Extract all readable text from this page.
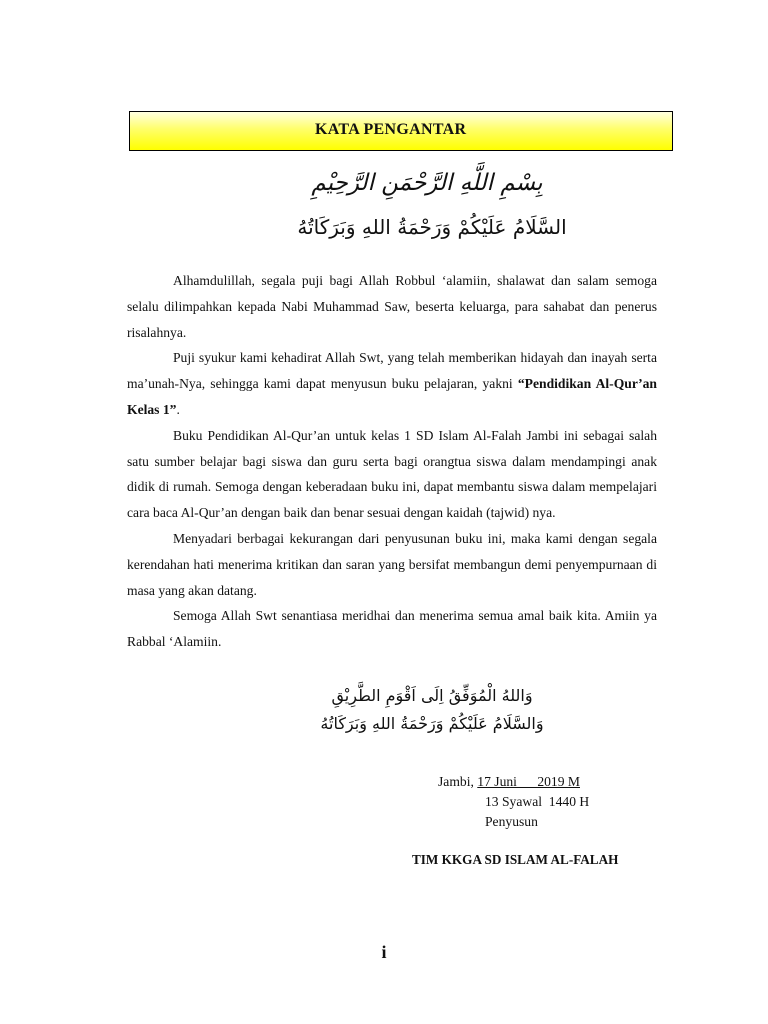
KATA PENGANTAR
بِسْمِ اللَّهِ الرَّحْمَنِ الرَّحِيْمِ
السَّلَامُ عَلَيْكُمْ وَرَحْمَةُ اللهِ وَبَرَكَاتُهُ

Alhamdulillah, segala puji bagi Allah Robbul ‘alamiin, shalawat dan salam semoga selalu dilimpahkan kepada Nabi Muhammad Saw, beserta keluarga, para sahabat dan penerus risalahnya.

Puji syukur kami kehadirat Allah Swt, yang telah memberikan hidayah dan inayah serta ma’unah-Nya, sehingga kami dapat menyusun buku pelajaran, yakni “Pendidikan Al-Qur’an Kelas 1”.

Buku Pendidikan Al-Qur’an untuk kelas 1 SD Islam Al-Falah Jambi ini sebagai salah satu sumber belajar bagi siswa dan guru serta bagi orangtua siswa dalam mendampingi anak didik di rumah. Semoga dengan keberadaan buku ini, dapat membantu siswa dalam mempelajari cara baca Al-Qur’an dengan baik dan benar sesuai dengan kaidah (tajwid) nya.

Menyadari berbagai kekurangan dari penyusunan buku ini, maka kami dengan segala kerendahan hati menerima kritikan dan saran yang bersifat membangun demi penyempurnaan di masa yang akan datang.

Semoga Allah Swt senantiasa meridhai dan menerima semua amal baik kita. Amiin ya Rabbal ‘Alamiin.

وَاللهُ الْمُوَفِّقُ اِلَى اَقْوَمِ الطَّرِيْقِ
وَالسَّلَامُ عَلَيْكُمْ وَرَحْمَةُ اللهِ وَبَرَكَاتُهُ
Jambi, 17 Juni      2019 M
13 Syawal  1440 H
Penyusun
TIM KKGA SD ISLAM AL-FALAH
i
